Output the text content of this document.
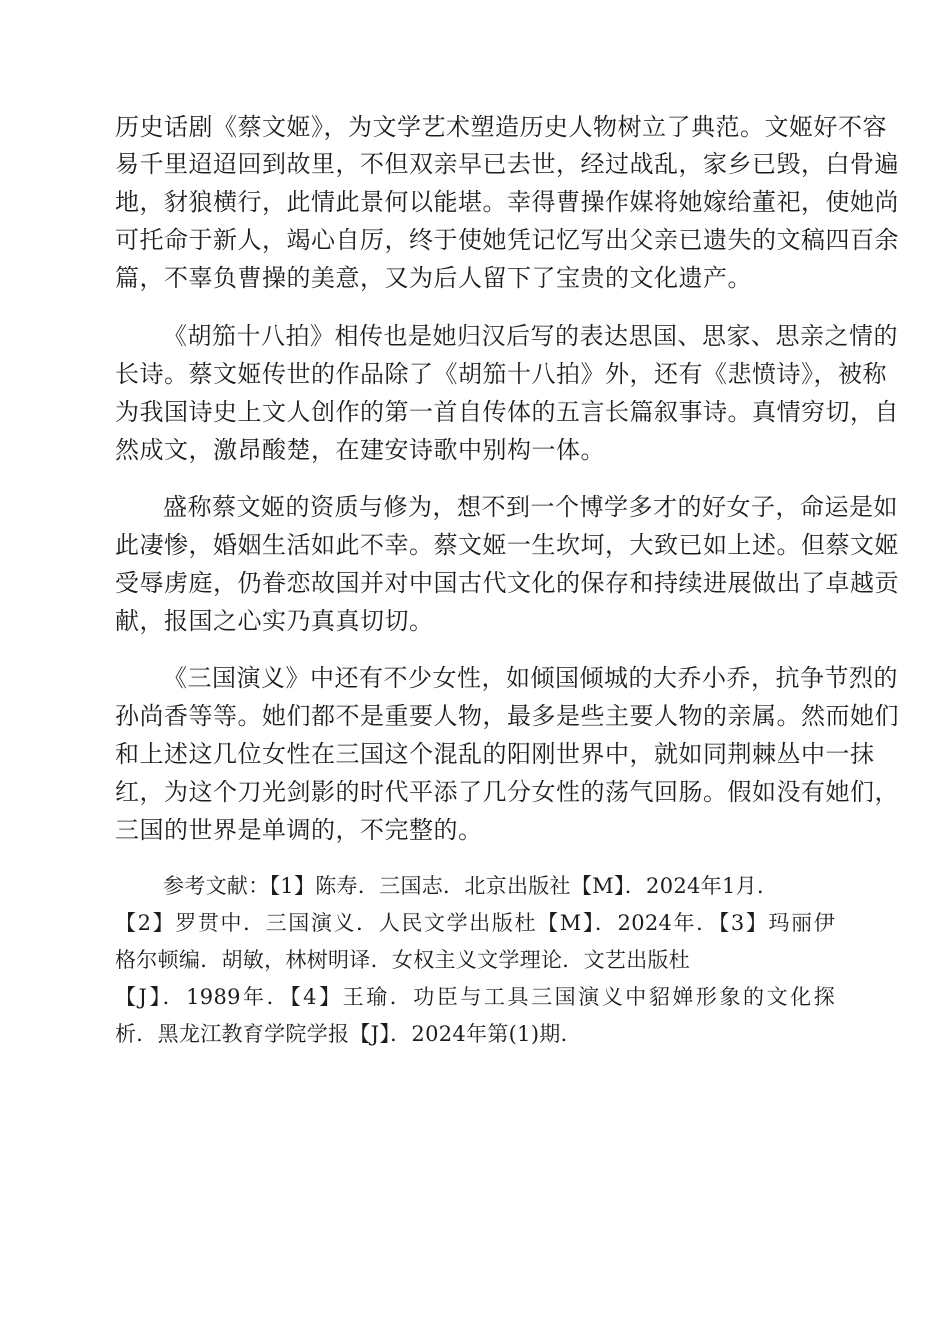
历史话剧《蔡文姬》，为文学艺术塑造历史人物树立了典范。文姬好不容
易千里迢迢回到故里，不但双亲早已去世，经过战乱，家乡已毁，白骨遍
地，豺狼横行，此情此景何以能堪。幸得曹操作媒将她嫁给董祀，使她尚
可托命于新人，竭心自厉，终于使她凭记忆写出父亲已遗失的文稿四百余
篇，不辜负曹操的美意，又为后人留下了宝贵的文化遗产。
《胡笳十八拍》相传也是她归汉后写的表达思国、思家、思亲之情的
长诗。蔡文姬传世的作品除了《胡笳十八拍》外，还有《悲愤诗》，被称
为我国诗史上文人创作的第一首自传体的五言长篇叙事诗。真情穷切，自
然成文，激昂酸楚，在建安诗歌中别构一体。
盛称蔡文姬的资质与修为，想不到一个博学多才的好女子，命运是如
此凄惨，婚姻生活如此不幸。蔡文姬一生坎坷，大致已如上述。但蔡文姬
受辱虏庭，仍眷恋故国并对中国古代文化的保存和持续进展做出了卓越贡
献，报国之心实乃真真切切。
《三国演义》中还有不少女性，如倾国倾城的大乔小乔，抗争节烈的
孙尚香等等。她们都不是重要人物，最多是些主要人物的亲属。然而她们
和上述这几位女性在三国这个混乱的阳刚世界中，就如同荆棘丛中一抹
红，为这个刀光剑影的时代平添了几分女性的荡气回肠。假如没有她们，
三国的世界是单调的，不完整的。
参考文献：【1】陈寿．三国志．北京出版社【M】．2024年1月．
【2】罗贯中．三国演义．人民文学出版杜【M】．2024年．【3】玛丽伊
格尔顿编．胡敏，林树明译．女权主义文学理论．文艺出版杜
【J】．1989年．【4】王瑜．功臣与工具三国演义中貂婵形象的文化探
析．黑龙江教育学院学报【J】．2024年第(1)期．
